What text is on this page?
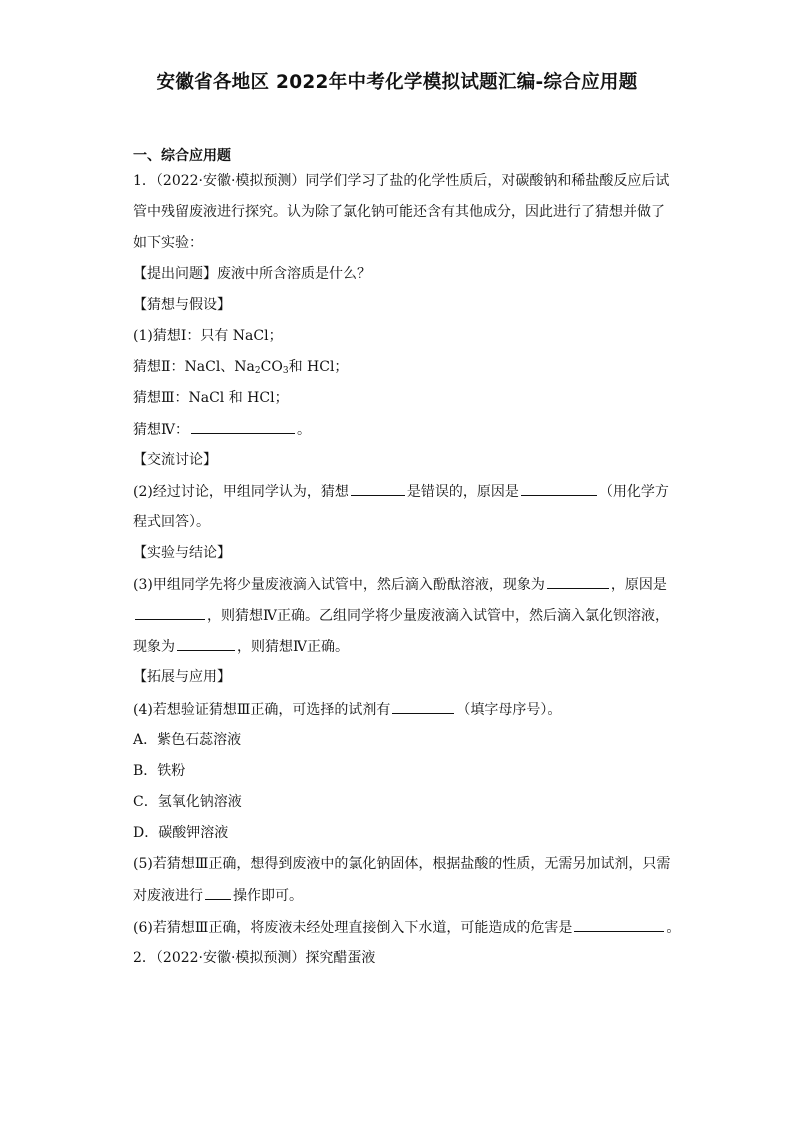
安徽省各地区 2022年中考化学模拟试题汇编-综合应用题
一、综合应用题
1．（2022·安徽·模拟预测）同学们学习了盐的化学性质后，对碳酸钠和稀盐酸反应后试
管中残留废液进行探究。认为除了氯化钠可能还含有其他成分，因此进行了猜想并做了
如下实验：
【提出问题】废液中所含溶质是什么？
【猜想与假设】
(1)猜想Ⅰ：只有 NaCl；
猜想Ⅱ：NaCl、$Na_2CO_3$和 HCl；
猜想Ⅲ：NaCl 和 HCl；
猜想Ⅳ：	。
【交流讨论】
(2)经过讨论，甲组同学认为，猜想	是错误的，原因是	（用化学方
程式回答）。
【实验与结论】
(3)甲组同学先将少量废液滴入试管中，然后滴入酚酞溶液，现象为	，原因是
，则猜想Ⅳ正确。乙组同学将少量废液滴入试管中，然后滴入氯化钡溶液，
现象为	，则猜想Ⅳ正确。
【拓展与应用】
(4)若想验证猜想Ⅲ正确，可选择的试剂有	（填字母序号）。
A．紫色石蕊溶液
B．铁粉
C．氢氧化钠溶液
D．碳酸钾溶液
(5)若猜想Ⅲ正确，想得到废液中的氯化钠固体，根据盐酸的性质，无需另加试剂，只需
对废液进行 操作即可。
(6)若猜想Ⅲ正确，将废液未经处理直接倒入下水道，可能造成的危害是	。
2．（2022·安徽·模拟预测）探究醋蛋液
